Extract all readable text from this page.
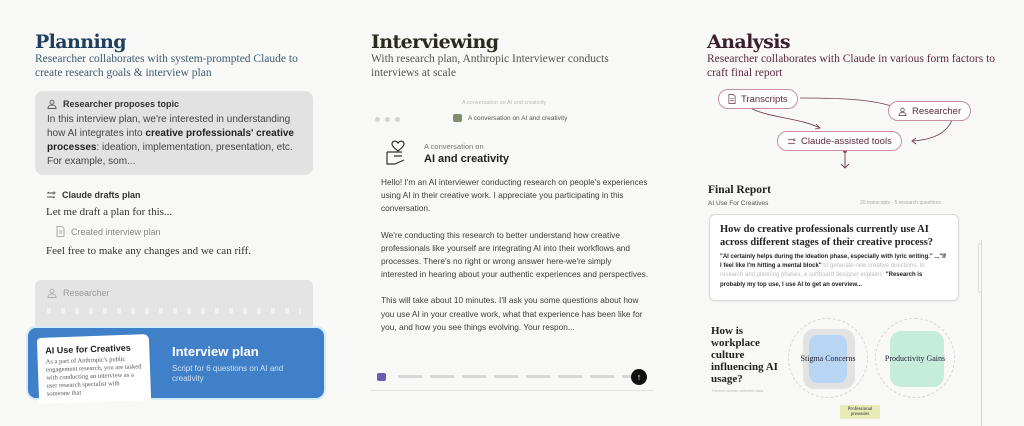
Planning
Researcher collaborates with system-prompted Claude to create research goals & interview plan
Researcher proposes topic
In this interview plan, we're interested in understanding how AI integrates into creative professionals' creative processes: ideation, implementation, presentation, etc. For example, som...
Claude drafts plan
Let me draft a plan for this...
Created interview plan
Feel free to make any changes and we can riff.
Researcher
AI Use for Creatives
As a part of Anthropic's public engagement research, you are tasked with conducting an interview as a user research specialist with someone that
Interview plan
Script for 6 questions on AI and creativity
Interviewing
With research plan, Anthropic Interviewer conducts interviews at scale
A conversation on AI and creativity
A conversation on AI and creativity
A conversation on
AI and creativity

Hello! I'm an AI interviewer conducting research on people's experiences using AI in their creative work. I appreciate you participating in this conversation.

We're conducting this research to better understand how creative professionals like yourself are integrating AI into their workflows and processes. There's no right or wrong answer here-we're simply interested in hearing about your authentic experiences and perspectives.

This will take about 10 minutes. I'll ask you some questions about how you use AI in your creative work, what that experience has been like for you, and how you see things evolving. Your respon...

↑
Analysis
Researcher collaborates with Claude in various form factors to craft final report
Transcripts
Researcher
Claude-assisted tools
Final Report
AI Use For Creatives	20 transcripts · 5 research questions
How do creative professionals currently use AI across different stages of their creative process?
"AI certainly helps during the ideation phase, especially with lyric writing." ..."If I feel like I'm hitting a mental block" to generate new creative directions, to research and planning phases, a surfboard designer explains: "Research is probably my top use, I use AI to get an overview...
How is workplace culture influencing AI usage?
Themes across selected data
Stigma Concerns	Productivity Gains
Professional pressures
